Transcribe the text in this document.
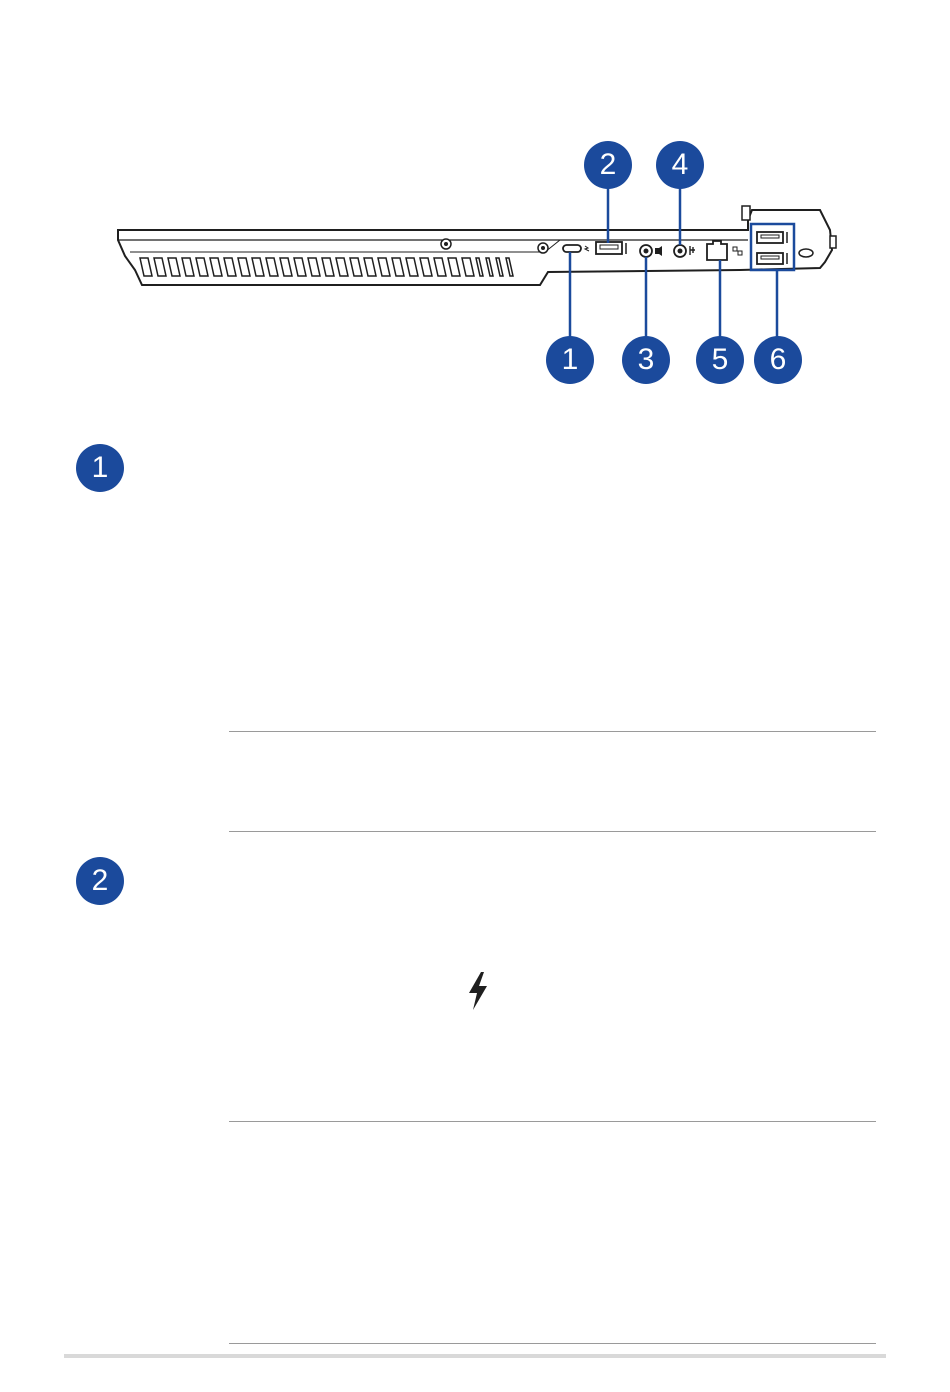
2	4
1	3	5	6
1
2
